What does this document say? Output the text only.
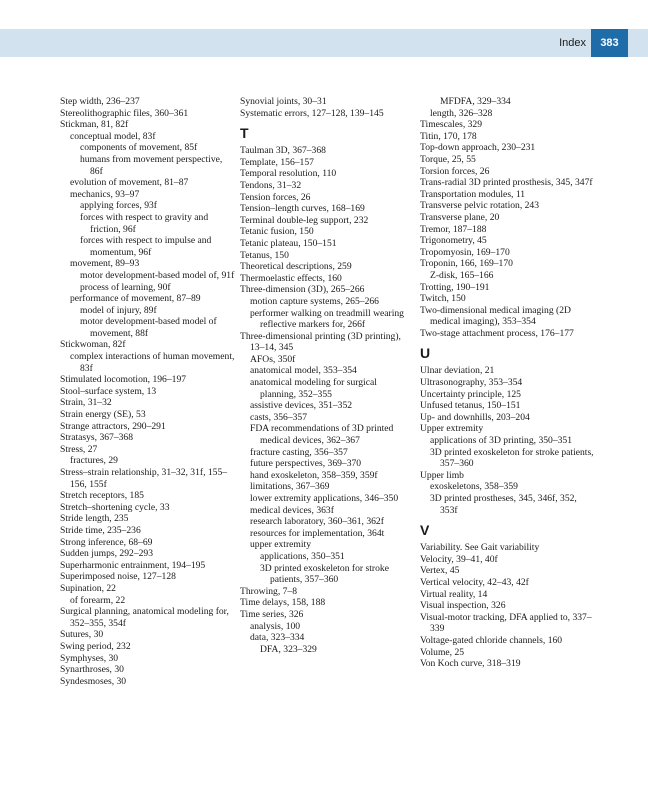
Index	383
Step width, 236–237
Stereolithographic files, 360–361
Stickman, 81, 82f
conceptual model, 83f
components of movement, 85f
humans from movement perspective, 86f
evolution of movement, 81–87
mechanics, 93–97
applying forces, 93f
forces with respect to gravity and friction, 96f
forces with respect to impulse and momentum, 96f
movement, 89–93
motor development-based model of, 91f
process of learning, 90f
performance of movement, 87–89
model of injury, 89f
motor development-based model of movement, 88f
Stickwoman, 82f
complex interactions of human movement, 83f
Stimulated locomotion, 196–197
Stool–surface system, 13
Strain, 31–32
Strain energy (SE), 53
Strange attractors, 290–291
Stratasys, 367–368
Stress, 27
fractures, 29
Stress–strain relationship, 31–32, 31f, 155–156, 155f
Stretch receptors, 185
Stretch–shortening cycle, 33
Stride length, 235
Stride time, 235–236
Strong inference, 68–69
Sudden jumps, 292–293
Superharmonic entrainment, 194–195
Superimposed noise, 127–128
Supination, 22
of forearm, 22
Surgical planning, anatomical modeling for, 352–355, 354f
Sutures, 30
Swing period, 232
Symphyses, 30
Synarthroses, 30
Syndesmoses, 30
Synovial joints, 30–31
Systematic errors, 127–128, 139–145
T
Taulman 3D, 367–368
Template, 156–157
Temporal resolution, 110
Tendons, 31–32
Tension forces, 26
Tension–length curves, 168–169
Terminal double-leg support, 232
Tetanic fusion, 150
Tetanic plateau, 150–151
Tetanus, 150
Theoretical descriptions, 259
Thermoelastic effects, 160
Three-dimension (3D), 265–266
motion capture systems, 265–266
performer walking on treadmill wearing reflective markers for, 266f
Three-dimensional printing (3D printing), 13–14, 345
AFOs, 350f
anatomical model, 353–354
anatomical modeling for surgical planning, 352–355
assistive devices, 351–352
casts, 356–357
FDA recommendations of 3D printed medical devices, 362–367
fracture casting, 356–357
future perspectives, 369–370
hand exoskeleton, 358–359, 359f
limitations, 367–369
lower extremity applications, 346–350
medical devices, 363f
research laboratory, 360–361, 362f
resources for implementation, 364t
upper extremity
applications, 350–351
3D printed exoskeleton for stroke patients, 357–360
Throwing, 7–8
Time delays, 158, 188
Time series, 326
analysis, 100
data, 323–334
DFA, 323–329
MFDFA, 329–334
length, 326–328
Timescales, 329
Titin, 170, 178
Top-down approach, 230–231
Torque, 25, 55
Torsion forces, 26
Trans-radial 3D printed prosthesis, 345, 347f
Transportation modules, 11
Transverse pelvic rotation, 243
Transverse plane, 20
Tremor, 187–188
Trigonometry, 45
Tropomyosin, 169–170
Troponin, 166, 169–170
Z-disk, 165–166
Trotting, 190–191
Twitch, 150
Two-dimensional medical imaging (2D medical imaging), 353–354
Two-stage attachment process, 176–177
U
Ulnar deviation, 21
Ultrasonography, 353–354
Uncertainty principle, 125
Unfused tetanus, 150–151
Up- and downhills, 203–204
Upper extremity
applications of 3D printing, 350–351
3D printed exoskeleton for stroke patients, 357–360
Upper limb
exoskeletons, 358–359
3D printed prostheses, 345, 346f, 352, 353f
V
Variability. See Gait variability
Velocity, 39–41, 40f
Vertex, 45
Vertical velocity, 42–43, 42f
Virtual reality, 14
Visual inspection, 326
Visual-motor tracking, DFA applied to, 337–339
Voltage-gated chloride channels, 160
Volume, 25
Von Koch curve, 318–319
